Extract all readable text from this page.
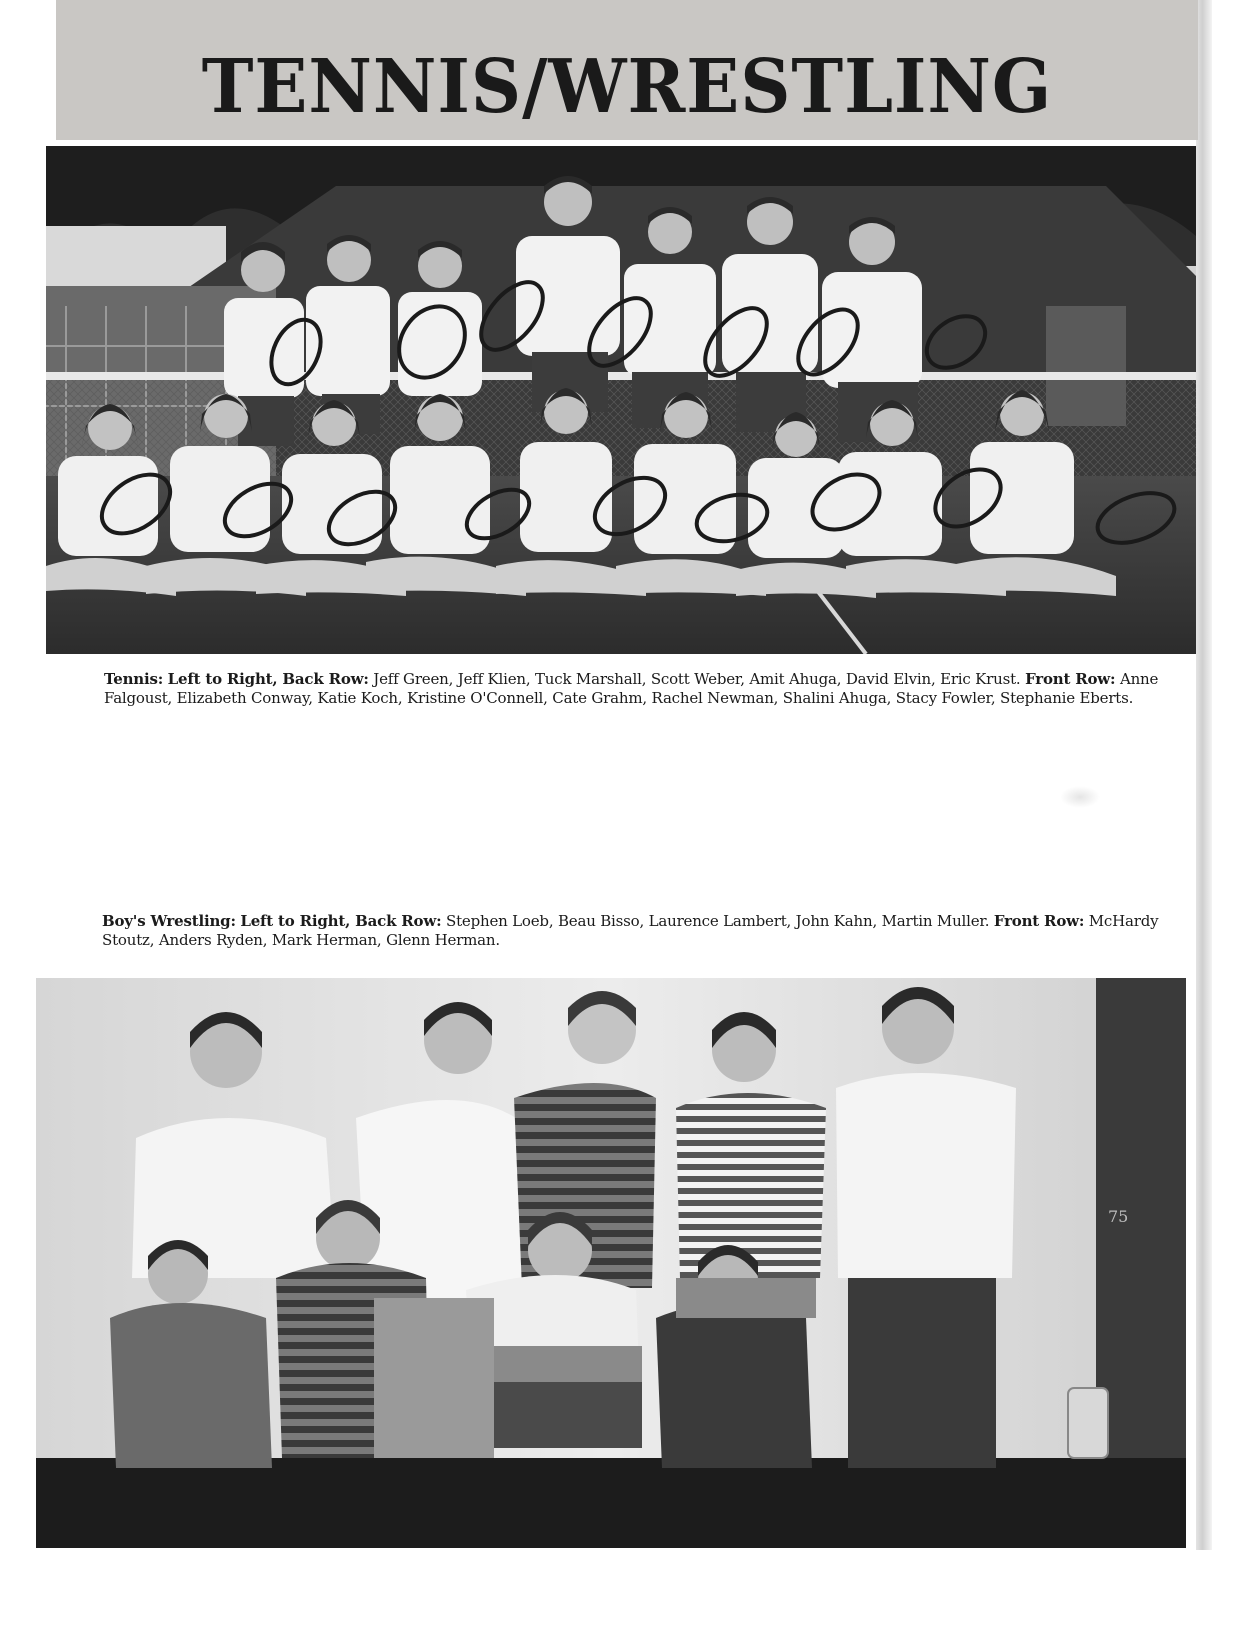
TENNIS/WRESTLING
Tennis: Left to Right, Back Row: Jeff Green, Jeff Klien, Tuck Marshall, Scott Weber, Amit Ahuga, David Elvin, Eric Krust. Front Row: Anne Falgoust, Elizabeth Conway, Katie Koch, Kristine O'Connell, Cate Grahm, Rachel Newman, Shalini Ahuga, Stacy Fowler, Stephanie Eberts.
Boy's Wrestling: Left to Right, Back Row: Stephen Loeb, Beau Bisso, Laurence Lambert, John Kahn, Martin Muller. Front Row: McHardy Stoutz, Anders Ryden, Mark Herman, Glenn Herman.
75
